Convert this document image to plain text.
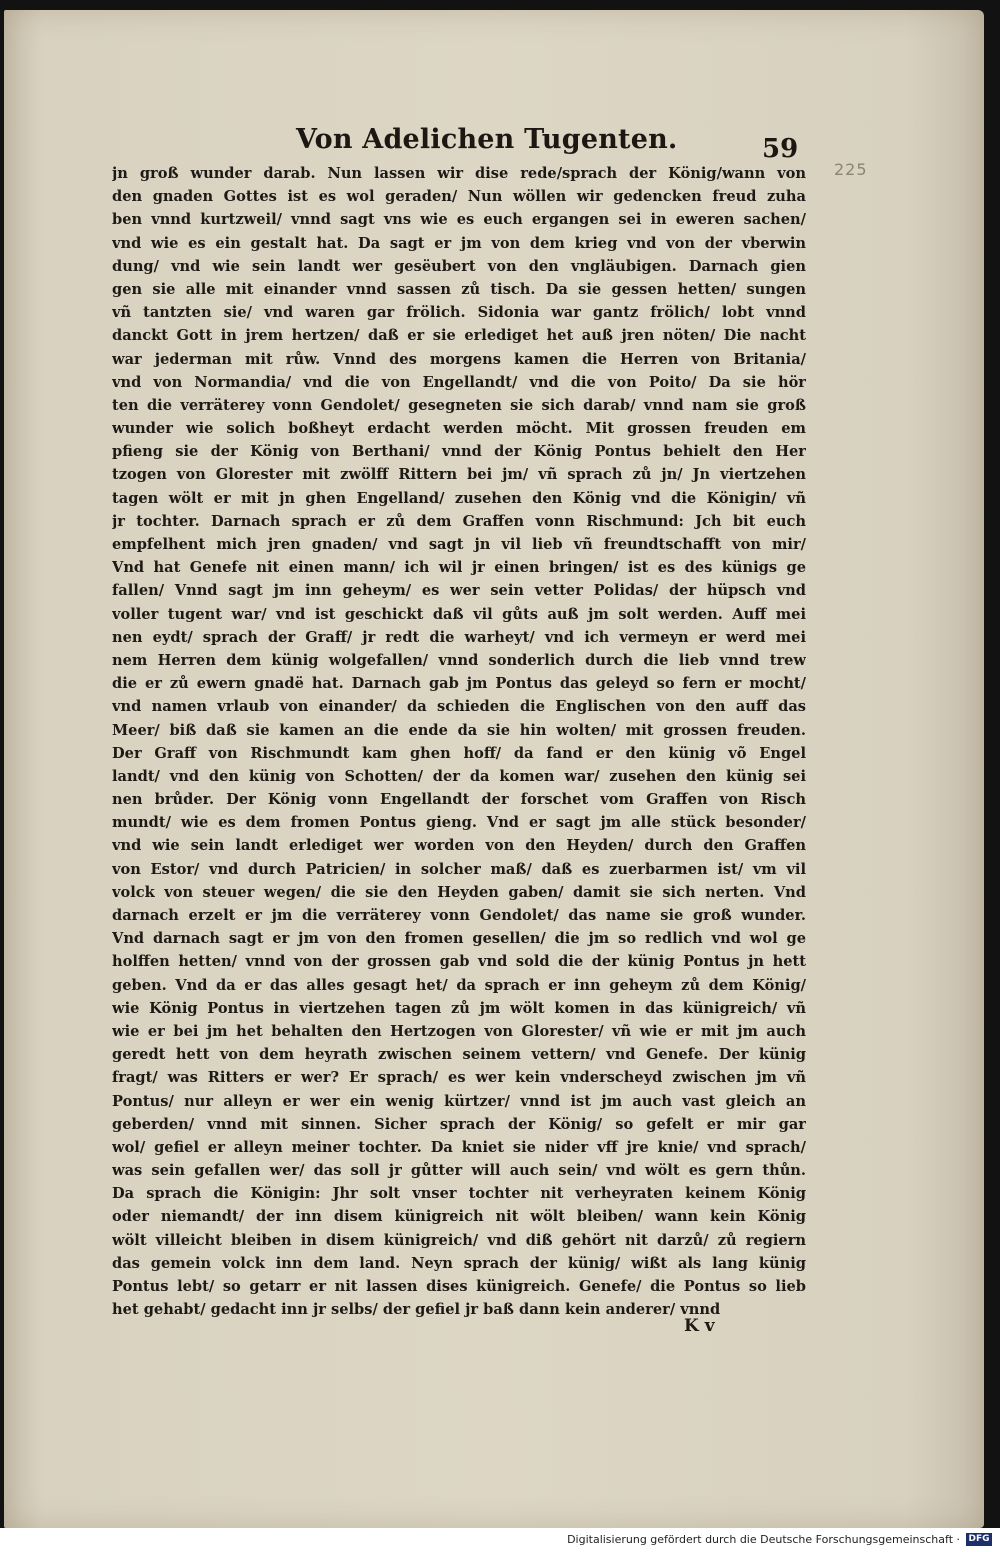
Von Adelichen Tugenten.	59
225
jn groß wunder darab. Nun lassen wir dise rede/sprach der König/wann von
den gnaden Gottes ist es wol geraden/ Nun wöllen wir gedencken freud zuha
ben vnnd kurtzweil/ vnnd sagt vns wie es euch ergangen sei in eweren sachen/
vnd wie es ein gestalt hat. Da sagt er jm von dem krieg vnd von der vberwin
dung/ vnd wie sein landt wer gesëubert von den vngläubigen. Darnach gien
gen sie alle mit einander vnnd sassen zů tisch. Da sie gessen hetten/ sungen
vñ tantzten sie/ vnd waren gar frölich. Sidonia war gantz frölich/ lobt vnnd
danckt Gott in jrem hertzen/ daß er sie erlediget het auß jren nöten/ Die nacht
war jederman mit růw. Vnnd des morgens kamen die Herren von Britania/
vnd von Normandia/ vnd die von Engellandt/ vnd die von Poito/ Da sie hör
ten die verräterey vonn Gendolet/ gesegneten sie sich darab/ vnnd nam sie groß
wunder wie solich boßheyt erdacht werden möcht. Mit grossen freuden em
pfieng sie der König von Berthani/ vnnd der König Pontus behielt den Her
tzogen von Glorester mit zwölff Rittern bei jm/ vñ sprach zů jn/ Jn viertzehen
tagen wölt er mit jn ghen Engelland/ zusehen den König vnd die Königin/ vñ
jr tochter. Darnach sprach er zů dem Graffen vonn Rischmund: Jch bit euch
empfelhent mich jren gnaden/ vnd sagt jn vil lieb vñ freundtschafft von mir/
Vnd hat Genefe nit einen mann/ ich wil jr einen bringen/ ist es des künigs ge
fallen/ Vnnd sagt jm inn geheym/ es wer sein vetter Polidas/ der hüpsch vnd
voller tugent war/ vnd ist geschickt daß vil gůts auß jm solt werden. Auff mei
nen eydt/ sprach der Graff/ jr redt die warheyt/ vnd ich vermeyn er werd mei
nem Herren dem künig wolgefallen/ vnnd sonderlich durch die lieb vnnd trew
die er zů ewern gnadë hat. Darnach gab jm Pontus das geleyd so fern er mocht/
vnd namen vrlaub von einander/ da schieden die Englischen von den auff das
Meer/ biß daß sie kamen an die ende da sie hin wolten/ mit grossen freuden.
Der Graff von Rischmundt kam ghen hoff/ da fand er den künig võ Engel
landt/ vnd den künig von Schotten/ der da komen war/ zusehen den künig sei
nen brůder. Der König vonn Engellandt der forschet vom Graffen von Risch
mundt/ wie es dem fromen Pontus gieng. Vnd er sagt jm alle stück besonder/
vnd wie sein landt erlediget wer worden von den Heyden/ durch den Graffen
von Estor/ vnd durch Patricien/ in solcher maß/ daß es zuerbarmen ist/ vm vil
volck von steuer wegen/ die sie den Heyden gaben/ damit sie sich nerten. Vnd
darnach erzelt er jm die verräterey vonn Gendolet/ das name sie groß wunder.
Vnd darnach sagt er jm von den fromen gesellen/ die jm so redlich vnd wol ge
holffen hetten/ vnnd von der grossen gab vnd sold die der künig Pontus jn hett
geben. Vnd da er das alles gesagt het/ da sprach er inn geheym zů dem König/
wie König Pontus in viertzehen tagen zů jm wölt komen in das künigreich/ vñ
wie er bei jm het behalten den Hertzogen von Glorester/ vñ wie er mit jm auch
geredt hett von dem heyrath zwischen seinem vettern/ vnd Genefe. Der künig
fragt/ was Ritters er wer? Er sprach/ es wer kein vnderscheyd zwischen jm vñ
Pontus/ nur alleyn er wer ein wenig kürtzer/ vnnd ist jm auch vast gleich an
geberden/ vnnd mit sinnen. Sicher sprach der König/ so gefelt er mir gar
wol/ gefiel er alleyn meiner tochter. Da kniet sie nider vff jre knie/ vnd sprach/
was sein gefallen wer/ das soll jr gůtter will auch sein/ vnd wölt es gern thůn.
Da sprach die Königin: Jhr solt vnser tochter nit verheyraten keinem König
oder niemandt/ der inn disem künigreich nit wölt bleiben/ wann kein König
wölt villeicht bleiben in disem künigreich/ vnd diß gehört nit darzů/ zů regiern
das gemein volck inn dem land. Neyn sprach der künig/ wißt als lang künig
Pontus lebt/ so getarr er nit lassen dises künigreich. Genefe/ die Pontus so lieb
het gehabt/ gedacht inn jr selbs/ der gefiel jr baß dann kein anderer/ vnnd
K v
Digitalisierung gefördert durch die Deutsche Forschungsgemeinschaft · DFG
